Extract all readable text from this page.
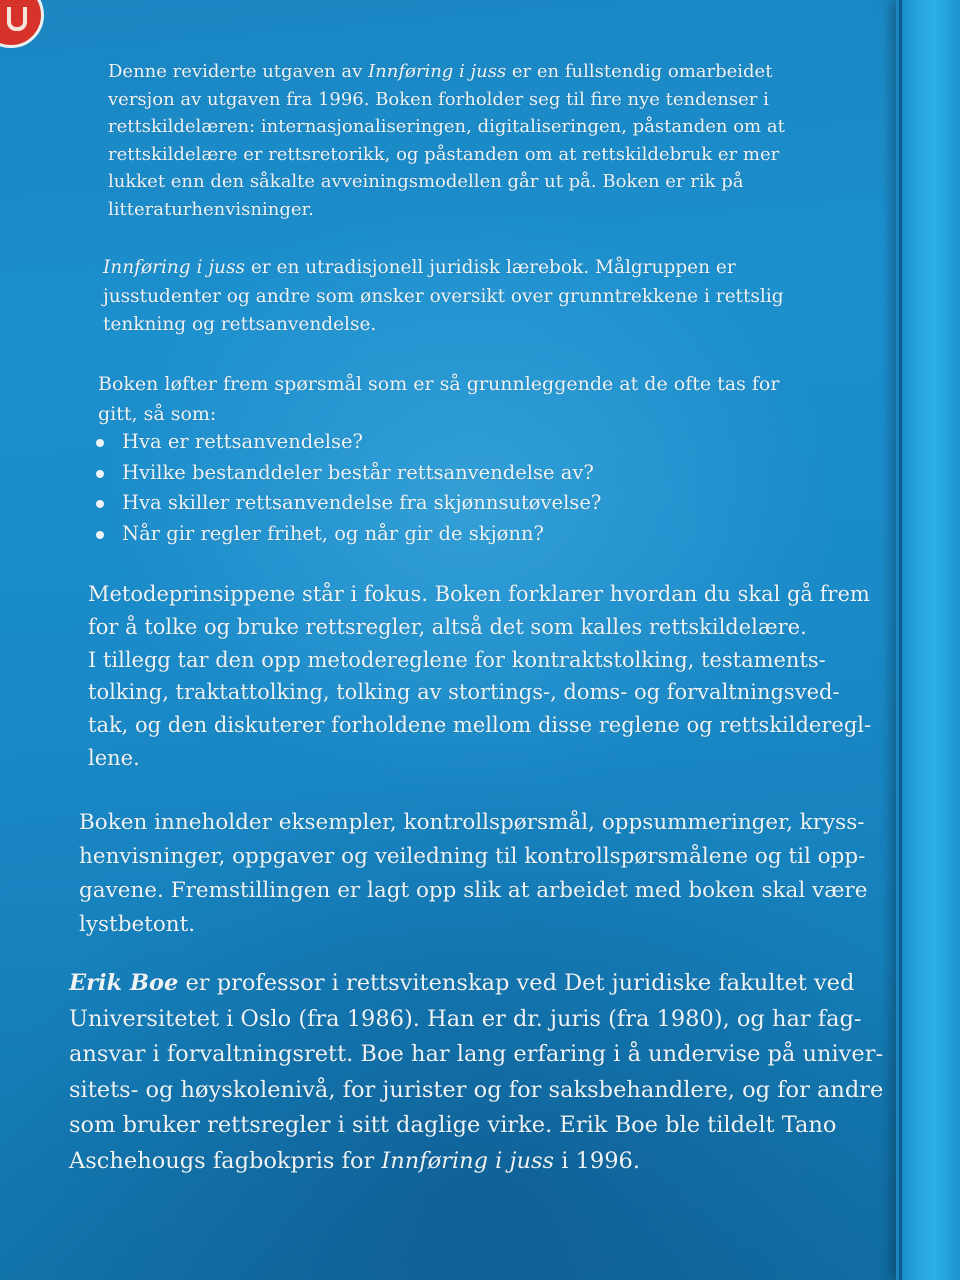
Denne reviderte utgaven av Innføring i juss er en fullstendig omarbeidet
versjon av utgaven fra 1996. Boken forholder seg til fire nye tendenser i
rettskildelæren: internasjonaliseringen, digitaliseringen, påstanden om at
rettskildelære er rettsretorikk, og påstanden om at rettskildebruk er mer
lukket enn den såkalte avveiningsmodellen går ut på. Boken er rik på
litteraturhenvisninger.
Innføring i juss er en utradisjonell juridisk lærebok. Målgruppen er
jusstudenter og andre som ønsker oversikt over grunntrekkene i rettslig
tenkning og rettsanvendelse.
Boken løfter frem spørsmål som er så grunnleggende at de ofte tas for
gitt, så som:
Hva er rettsanvendelse?
Hvilke bestanddeler består rettsanvendelse av?
Hva skiller rettsanvendelse fra skjønnsutøvelse?
Når gir regler frihet, og når gir de skjønn?
Metodeprinsippene står i fokus. Boken forklarer hvordan du skal gå frem
for å tolke og bruke rettsregler, altså det som kalles rettskildelære.
I tillegg tar den opp metodereglene for kontraktstolking, testaments-
tolking, traktattolking, tolking av stortings-, doms- og forvaltningsved-
tak, og den diskuterer forholdene mellom disse reglene og rettskilderegl-
lene.
Boken inneholder eksempler, kontrollspørsmål, oppsummeringer, kryss-
henvisninger, oppgaver og veiledning til kontrollspørsmålene og til opp-
gavene. Fremstillingen er lagt opp slik at arbeidet med boken skal være
lystbetont.
Erik Boe er professor i rettsvitenskap ved Det juridiske fakultet ved
Universitetet i Oslo (fra 1986). Han er dr. juris (fra 1980), og har fag-
ansvar i forvaltningsrett. Boe har lang erfaring i å undervise på univer-
sitets- og høyskolenivå, for jurister og for saksbehandlere, og for andre
som bruker rettsregler i sitt daglige virke. Erik Boe ble tildelt Tano
Aschehougs fagbokpris for Innføring i juss i 1996.
